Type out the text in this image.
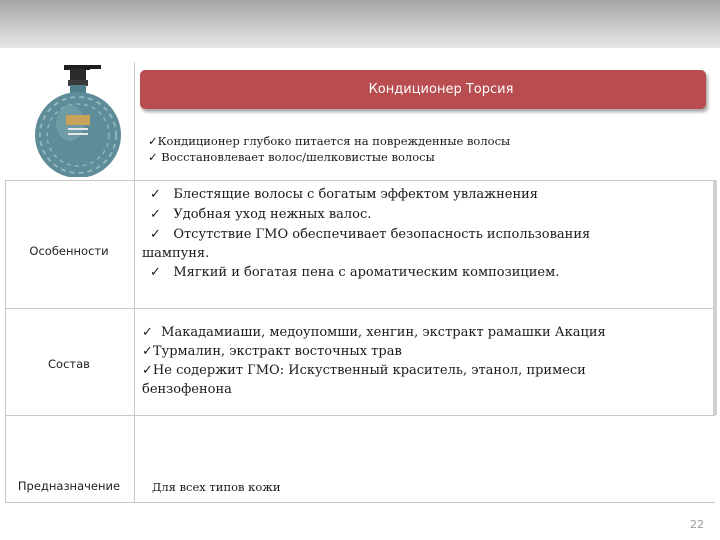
Кондиционер Торсия
✓Кондиционер глубоко питается на поврежденные волосы
✓ Восстановлевает волос/шелковистые волосы
Особенности
✓ Блестящие волосы с богатым эффектом увлажнения
✓ Удобная уход нежных валос.
✓ Отсутствие ГМО обеспечивает безопасность использования
шампуня.
✓ Мягкий и богатая пена с ароматическим композицием.
Состав
✓ Макадамиаши, медоупомши, хенгин, экстракт рамашки Акация
✓Турмалин, экстракт восточных трав
✓Не содержит ГМО: Искуственный краситель, этанол, примеси
бензофенона
Предназначение	Для всех типов кожи
22
